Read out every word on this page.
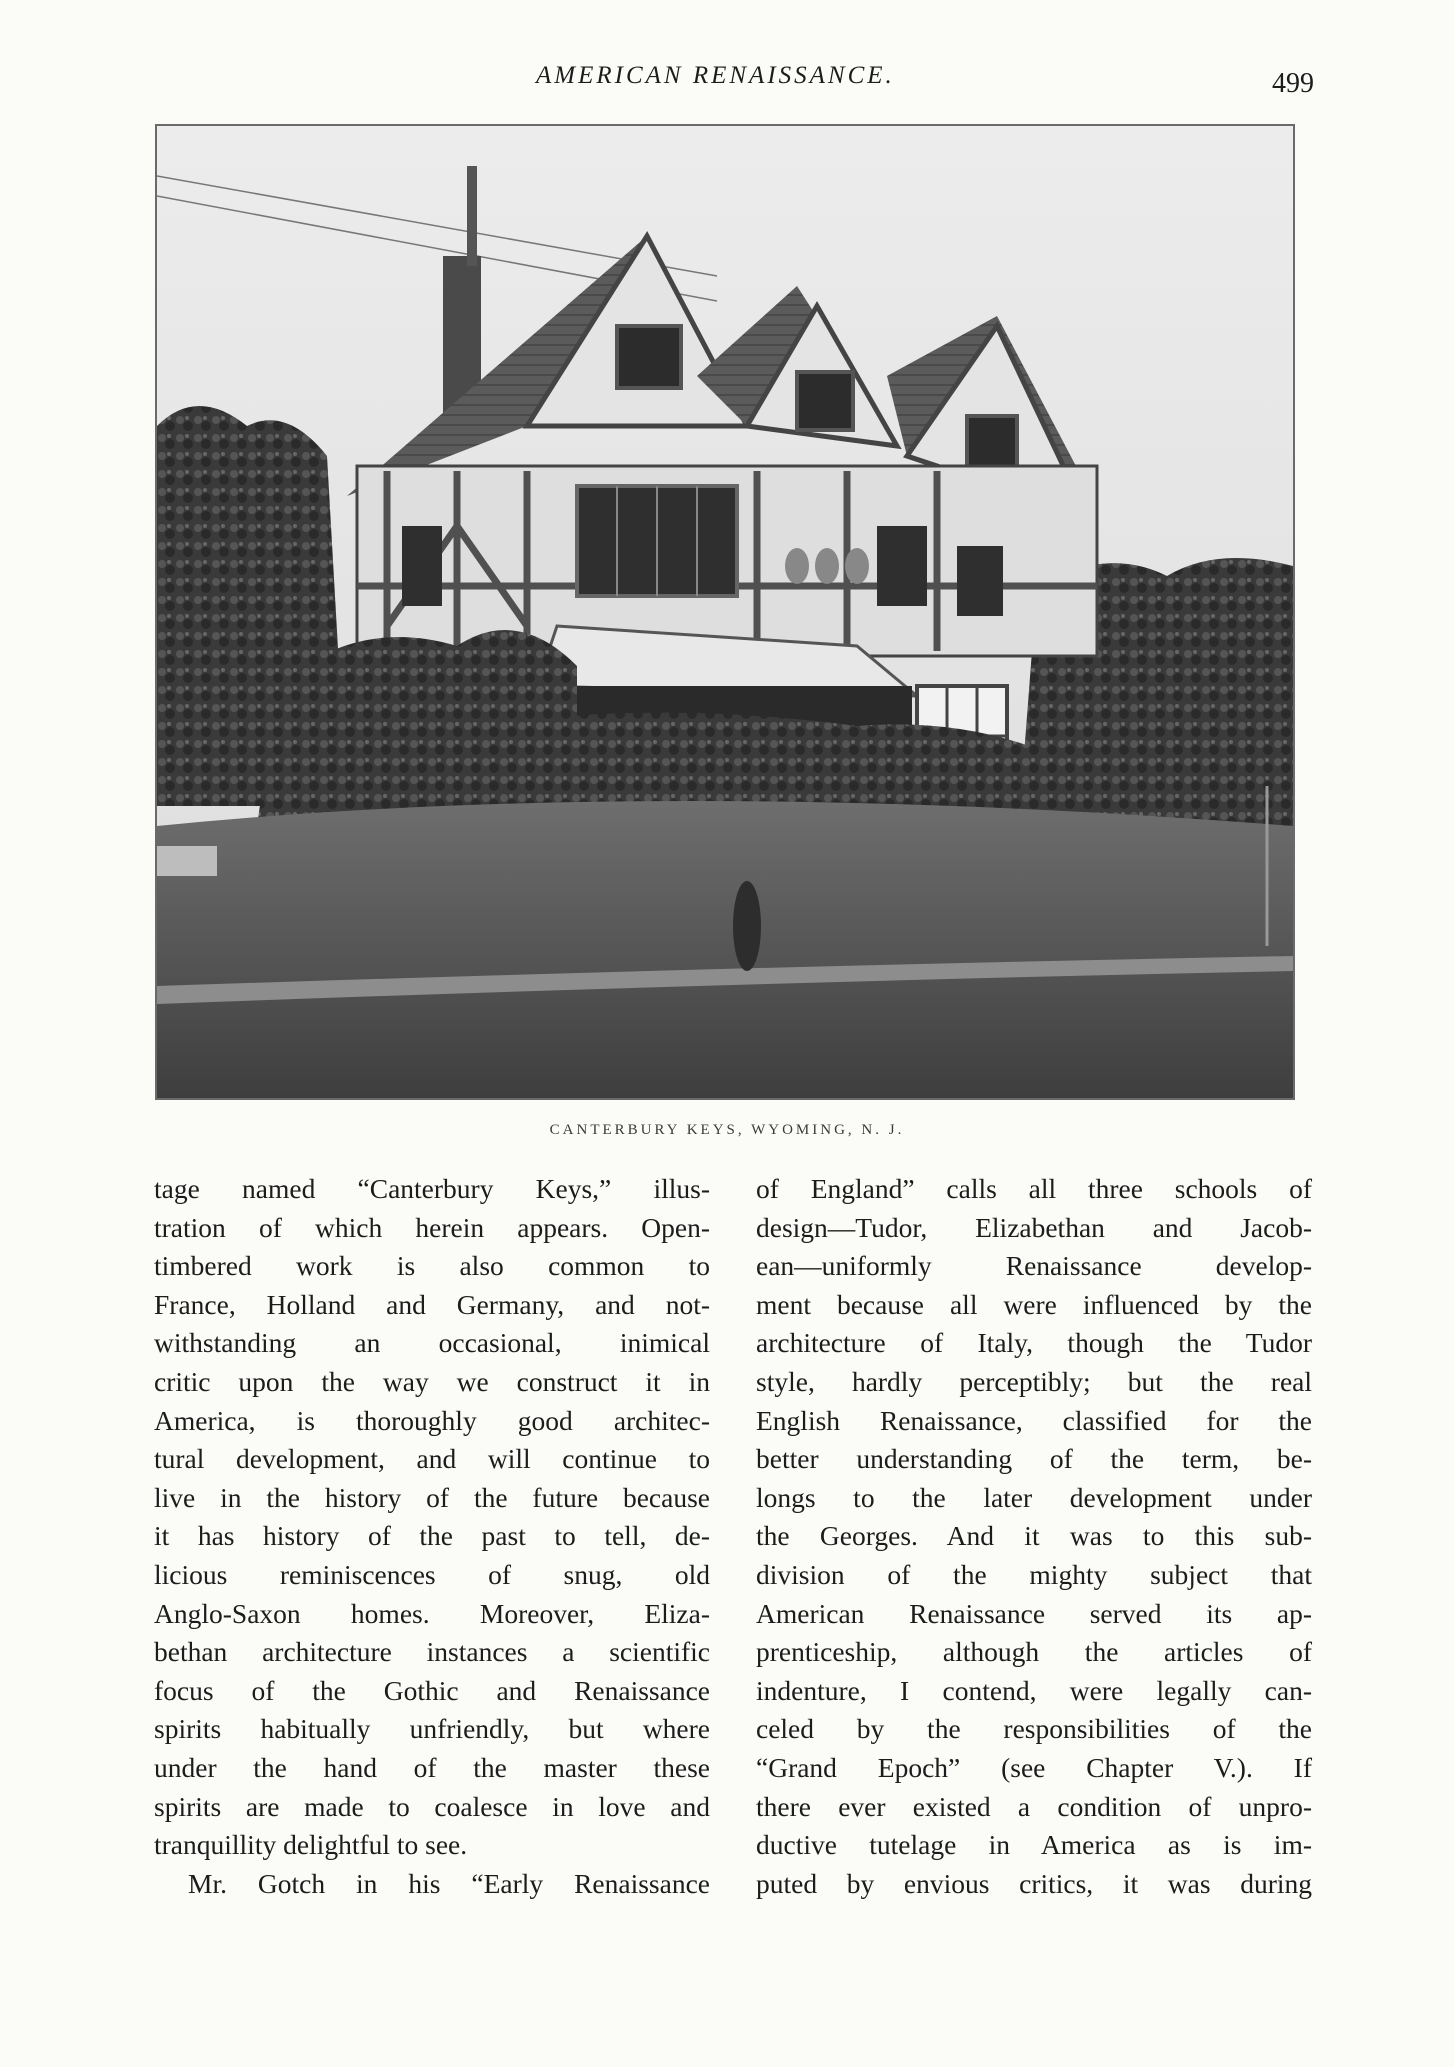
AMERICAN RENAISSANCE.	499
CANTERBURY KEYS, WYOMING, N. J.
tage named “Canterbury Keys,” illus-
tration of which herein appears. Open-
timbered work is also common to
France, Holland and Germany, and not-
withstanding an occasional, inimical
critic upon the way we construct it in
America, is thoroughly good architec-
tural development, and will continue to
live in the history of the future because
it has history of the past to tell, de-
licious reminiscences of snug, old
Anglo-Saxon homes. Moreover, Eliza-
bethan architecture instances a scientific
focus of the Gothic and Renaissance
spirits habitually unfriendly, but where
under the hand of the master these
spirits are made to coalesce in love and
tranquillity delightful to see.
Mr. Gotch in his “Early Renaissance
of England” calls all three schools of
design—Tudor, Elizabethan and Jacob-
ean—uniformly Renaissance develop-
ment because all were influenced by the
architecture of Italy, though the Tudor
style, hardly perceptibly; but the real
English Renaissance, classified for the
better understanding of the term, be-
longs to the later development under
the Georges. And it was to this sub-
division of the mighty subject that
American Renaissance served its ap-
prenticeship, although the articles of
indenture, I contend, were legally can-
celed by the responsibilities of the
“Grand Epoch” (see Chapter V.). If
there ever existed a condition of unpro-
ductive tutelage in America as is im-
puted by envious critics, it was during
